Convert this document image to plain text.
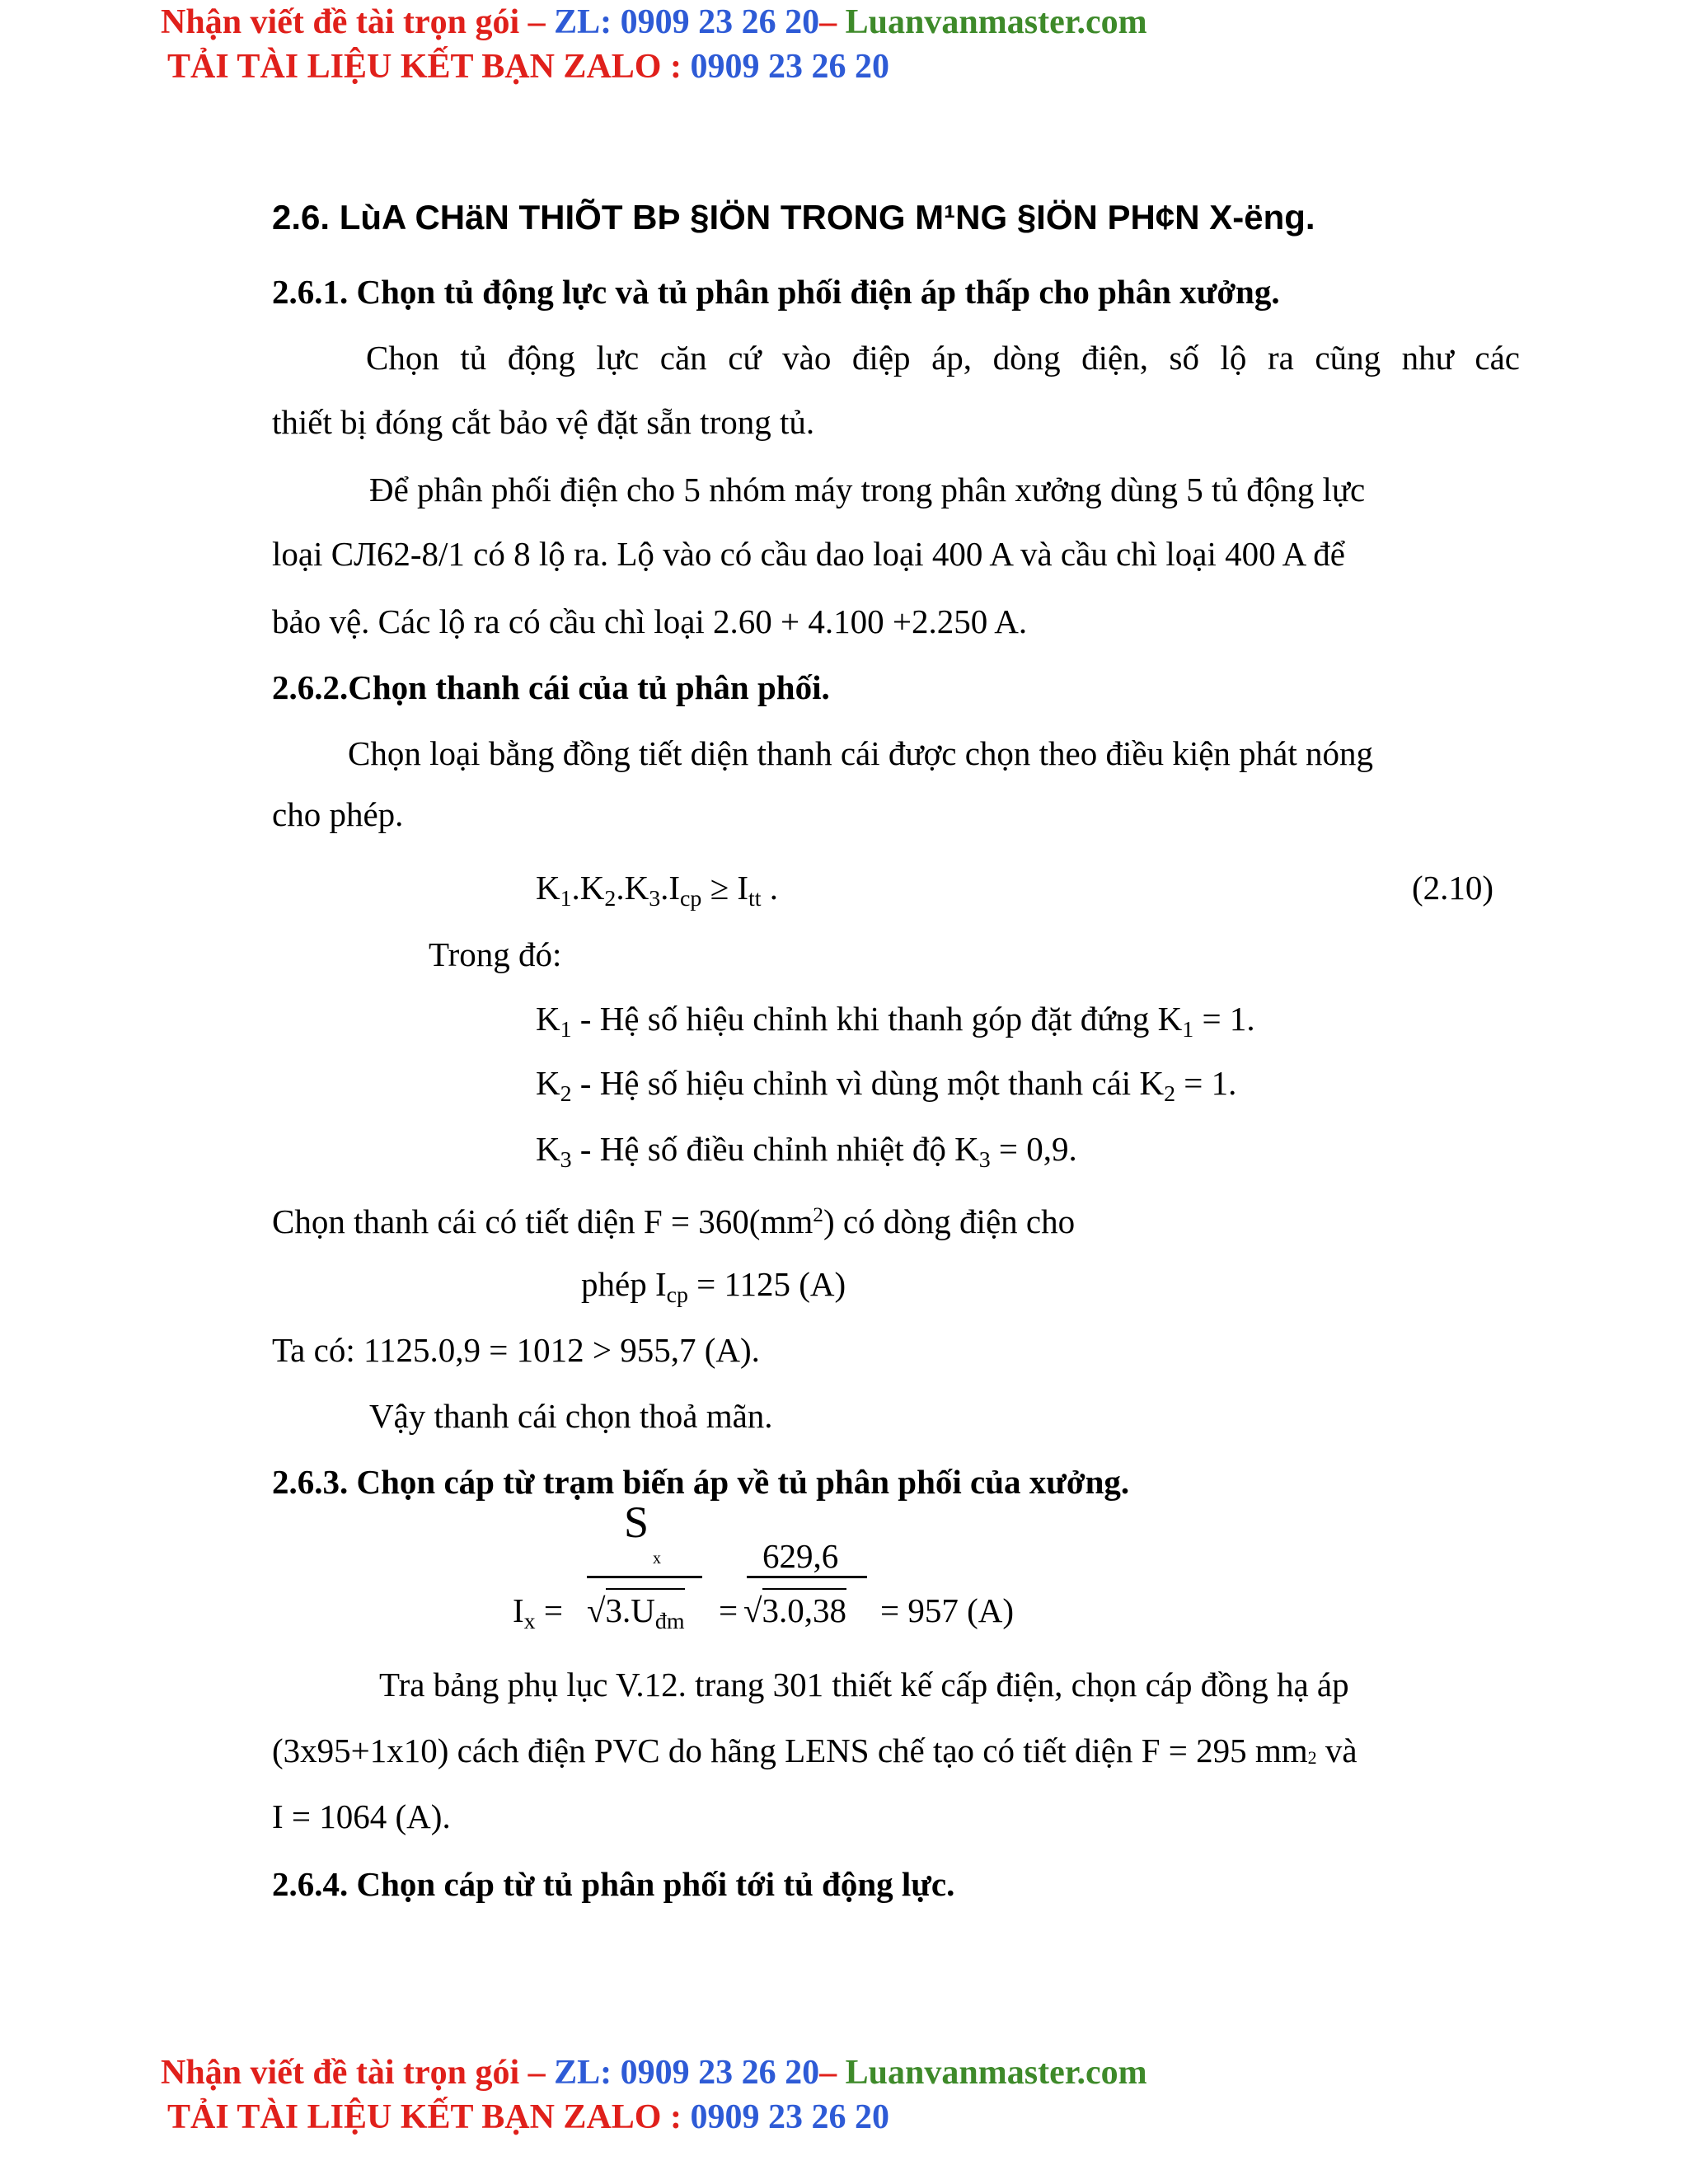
Nhận viết đề tài trọn gói – ZL: 0909 23 26 20– Luanvanmaster.com
TẢI TÀI LIỆU KẾT BẠN ZALO : 0909 23 26 20
2.6. LùA CHäN THIÕT BÞ §IÖN TRONG M¹NG §IÖN PH¢N X-ëng.
2.6.1. Chọn tủ động lực và tủ phân phối điện áp thấp cho phân xưởng.
Chọn tủ động lực căn cứ vào điệp áp, dòng điện, số lộ ra cũng như các
thiết bị đóng cắt bảo vệ đặt sẵn trong tủ.
Để phân phối điện cho 5 nhóm máy trong phân xưởng dùng 5 tủ động lực
loại CЛ62-8/1 có 8 lộ ra. Lộ vào có cầu dao loại 400 A và cầu chì loại 400 A để
bảo vệ. Các lộ ra có cầu chì loại 2.60 + 4.100 +2.250 A.
2.6.2.Chọn thanh cái của tủ phân phối.
Chọn loại bằng đồng tiết diện thanh cái được chọn theo điều kiện phát nóng
cho phép.
$K_1.K_2.K_3.I_{cp} \ge I_{tt}$ .	(2.10)
Trong đó:
$K_1$ - Hệ số hiệu chỉnh khi thanh góp đặt đứng $K_1 = 1$.
$K_2$ - Hệ số hiệu chỉnh vì dùng một thanh cái $K_2 = 1$.
$K_3$ - Hệ số điều chỉnh nhiệt độ $K_3 = 0,9$.
Chọn thanh cái có tiết diện $F = 360(mm^2)$ có dòng điện cho
phép $I_{cp} = 1125$ (A)
Ta có: 1125.0,9 = 1012 > 955,7 (A).
Vậy thanh cái chọn thoả mãn.
2.6.3. Chọn cáp từ trạm biến áp về tủ phân phối của xưởng.
S
x	629,6
$I_x = √3.U_{đm} = √3.0,38 = 957$ (A)
Tra bảng phụ lục V.12. trang 301 thiết kế cấp điện, chọn cáp đồng hạ áp
(3x95+1x10) cách điện PVC do hãng LENS chế tạo có tiết diện F = 295 mm2 và
I = 1064 (A).
2.6.4. Chọn cáp từ tủ phân phối tới tủ động lực.
Nhận viết đề tài trọn gói – ZL: 0909 23 26 20– Luanvanmaster.com
TẢI TÀI LIỆU KẾT BẠN ZALO : 0909 23 26 20
